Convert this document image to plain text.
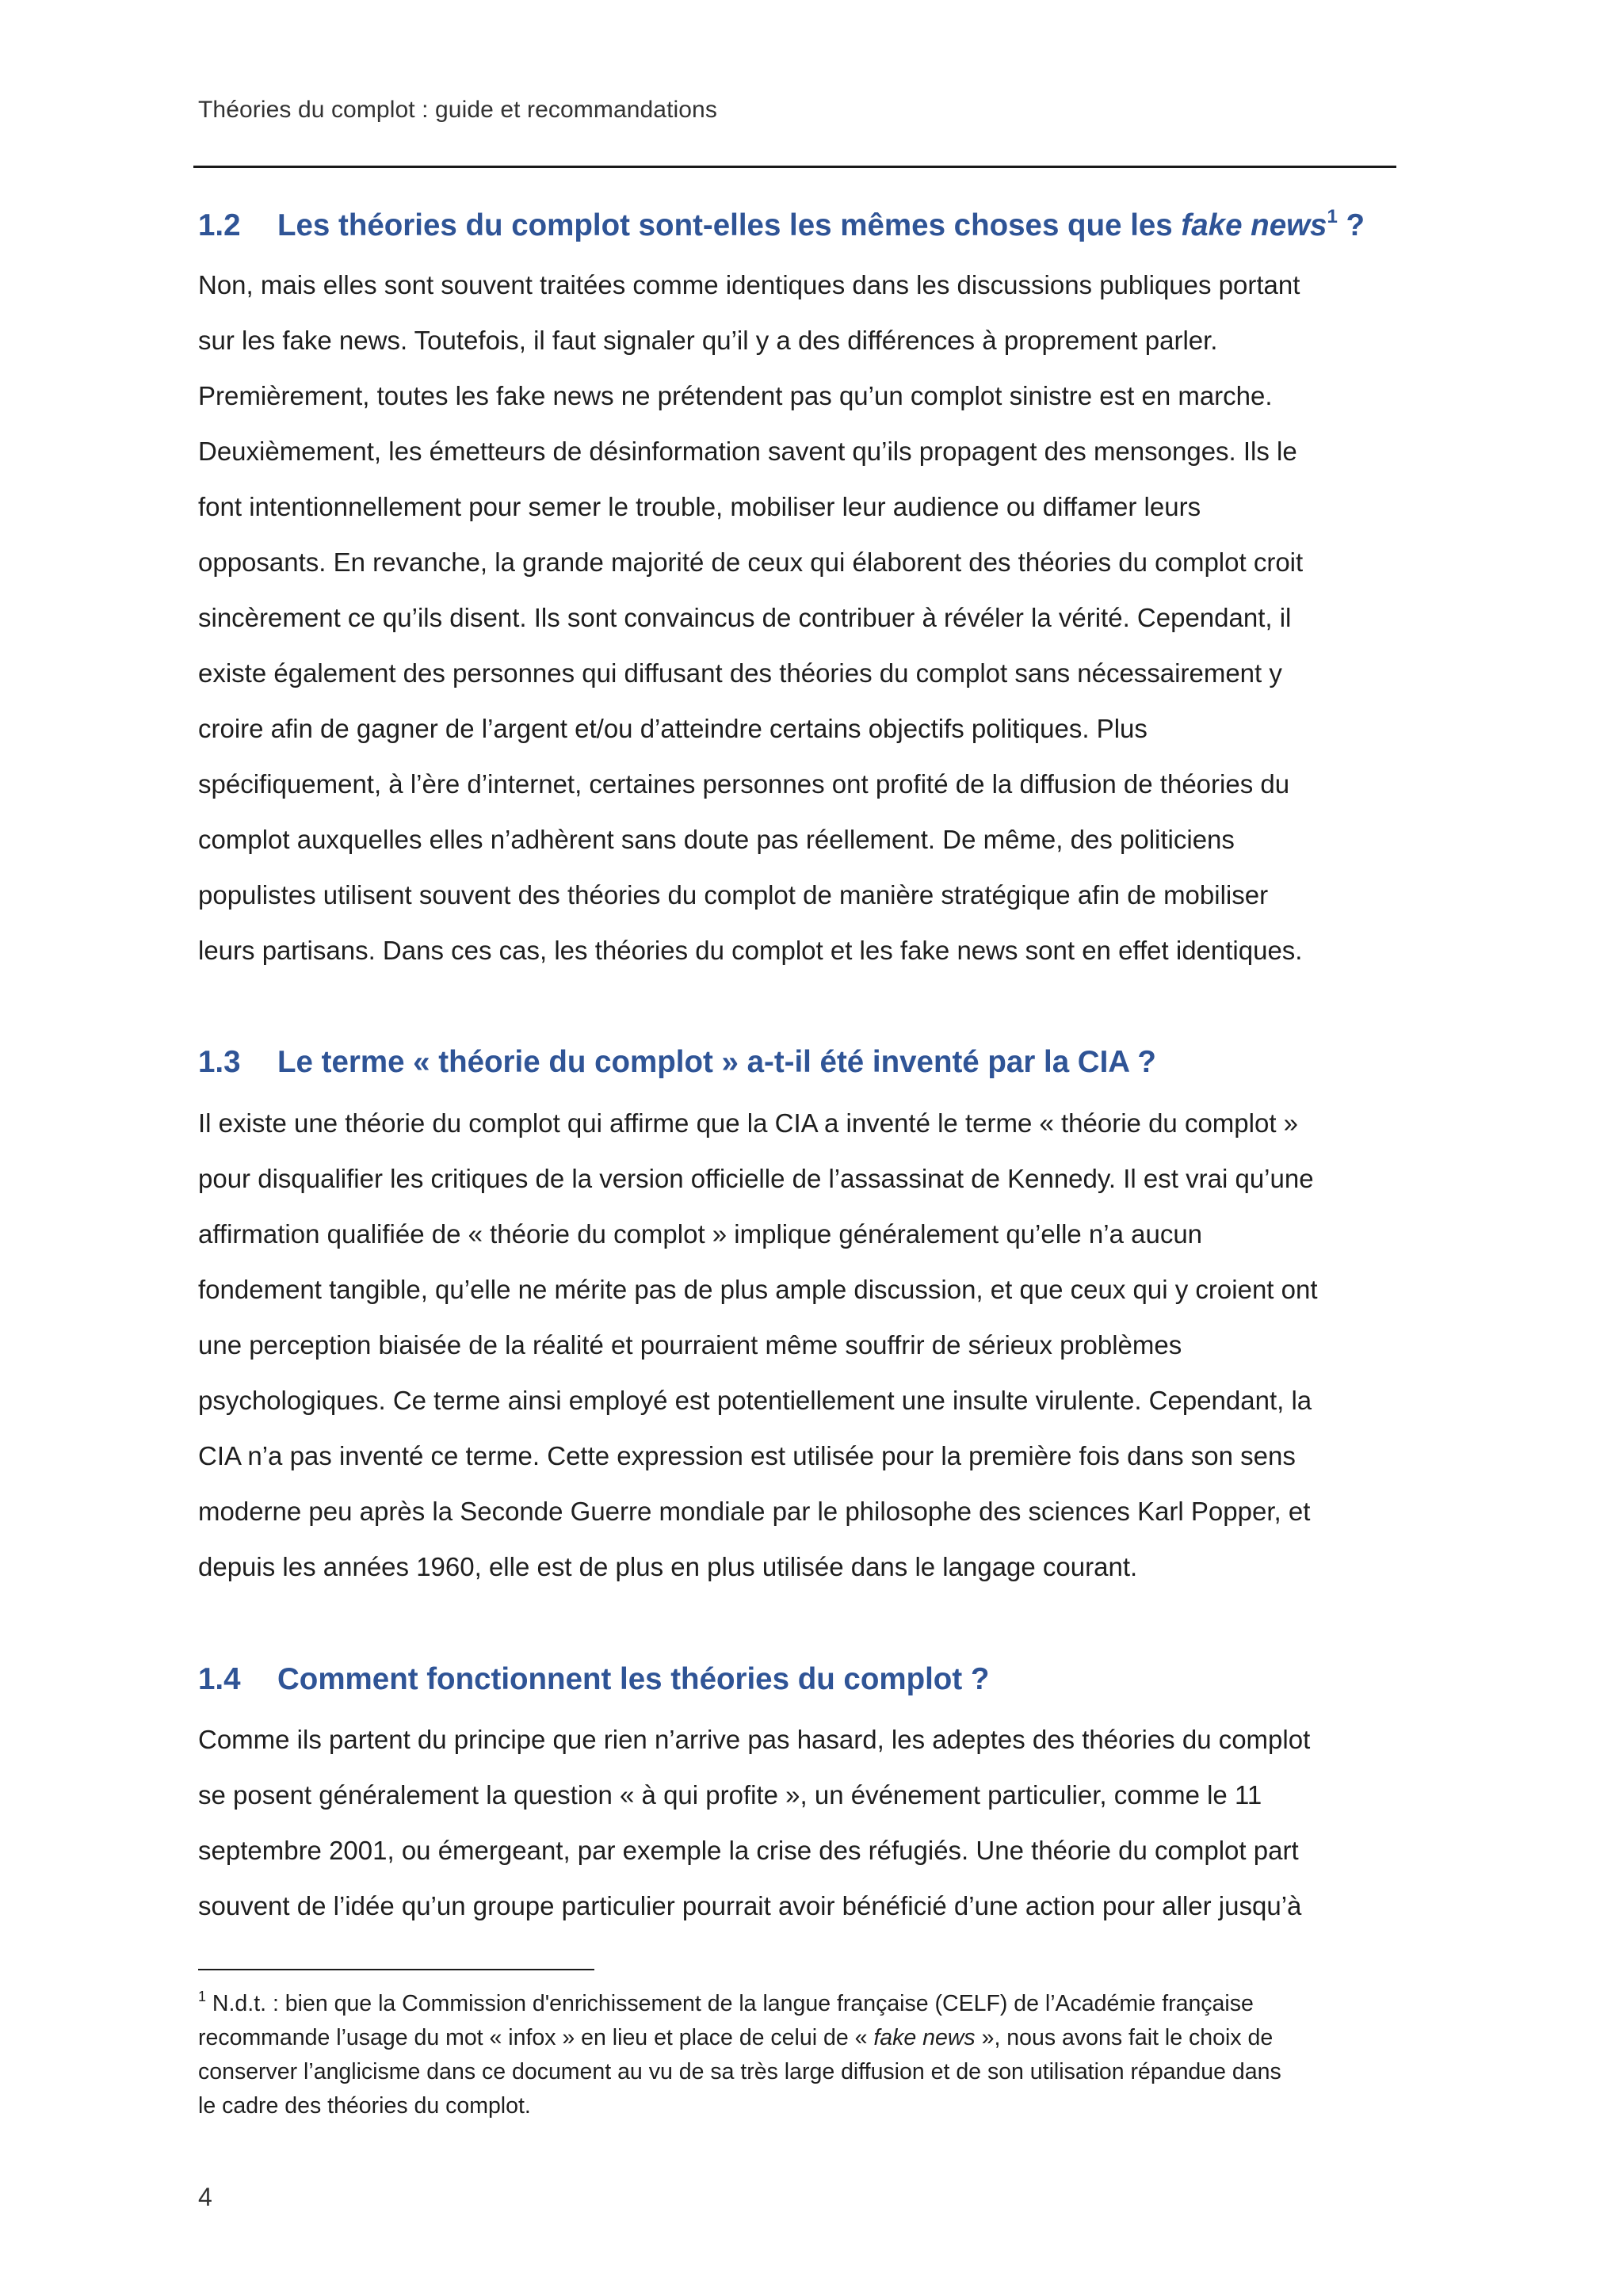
Théories du complot : guide et recommandations
1.2 Les théories du complot sont-elles les mêmes choses que les fake news$^1$ ?
Non, mais elles sont souvent traitées comme identiques dans les discussions publiques portant
sur les fake news. Toutefois, il faut signaler qu’il y a des différences à proprement parler.
Premièrement, toutes les fake news ne prétendent pas qu’un complot sinistre est en marche.
Deuxièmement, les émetteurs de désinformation savent qu’ils propagent des mensonges. Ils le
font intentionnellement pour semer le trouble, mobiliser leur audience ou diffamer leurs
opposants. En revanche, la grande majorité de ceux qui élaborent des théories du complot croit
sincèrement ce qu’ils disent. Ils sont convaincus de contribuer à révéler la vérité. Cependant, il
existe également des personnes qui diffusant des théories du complot sans nécessairement y
croire afin de gagner de l’argent et/ou d’atteindre certains objectifs politiques. Plus
spécifiquement, à l’ère d’internet, certaines personnes ont profité de la diffusion de théories du
complot auxquelles elles n’adhèrent sans doute pas réellement. De même, des politiciens
populistes utilisent souvent des théories du complot de manière stratégique afin de mobiliser
leurs partisans. Dans ces cas, les théories du complot et les fake news sont en effet identiques.
1.3 Le terme « théorie du complot » a-t-il été inventé par la CIA ?
Il existe une théorie du complot qui affirme que la CIA a inventé le terme « théorie du complot »
pour disqualifier les critiques de la version officielle de l’assassinat de Kennedy. Il est vrai qu’une
affirmation qualifiée de « théorie du complot » implique généralement qu’elle n’a aucun
fondement tangible, qu’elle ne mérite pas de plus ample discussion, et que ceux qui y croient ont
une perception biaisée de la réalité et pourraient même souffrir de sérieux problèmes
psychologiques. Ce terme ainsi employé est potentiellement une insulte virulente. Cependant, la
CIA n’a pas inventé ce terme. Cette expression est utilisée pour la première fois dans son sens
moderne peu après la Seconde Guerre mondiale par le philosophe des sciences Karl Popper, et
depuis les années 1960, elle est de plus en plus utilisée dans le langage courant.
1.4 Comment fonctionnent les théories du complot ?
Comme ils partent du principe que rien n’arrive pas hasard, les adeptes des théories du complot
se posent généralement la question « à qui profite », un événement particulier, comme le 11
septembre 2001, ou émergeant, par exemple la crise des réfugiés. Une théorie du complot part
souvent de l’idée qu’un groupe particulier pourrait avoir bénéficié d’une action pour aller jusqu’à
$^1$ N.d.t. : bien que la Commission d'enrichissement de la langue française (CELF) de l’Académie française
recommande l’usage du mot « infox » en lieu et place de celui de « fake news », nous avons fait le choix de
conserver l’anglicisme dans ce document au vu de sa très large diffusion et de son utilisation répandue dans
le cadre des théories du complot.
4
